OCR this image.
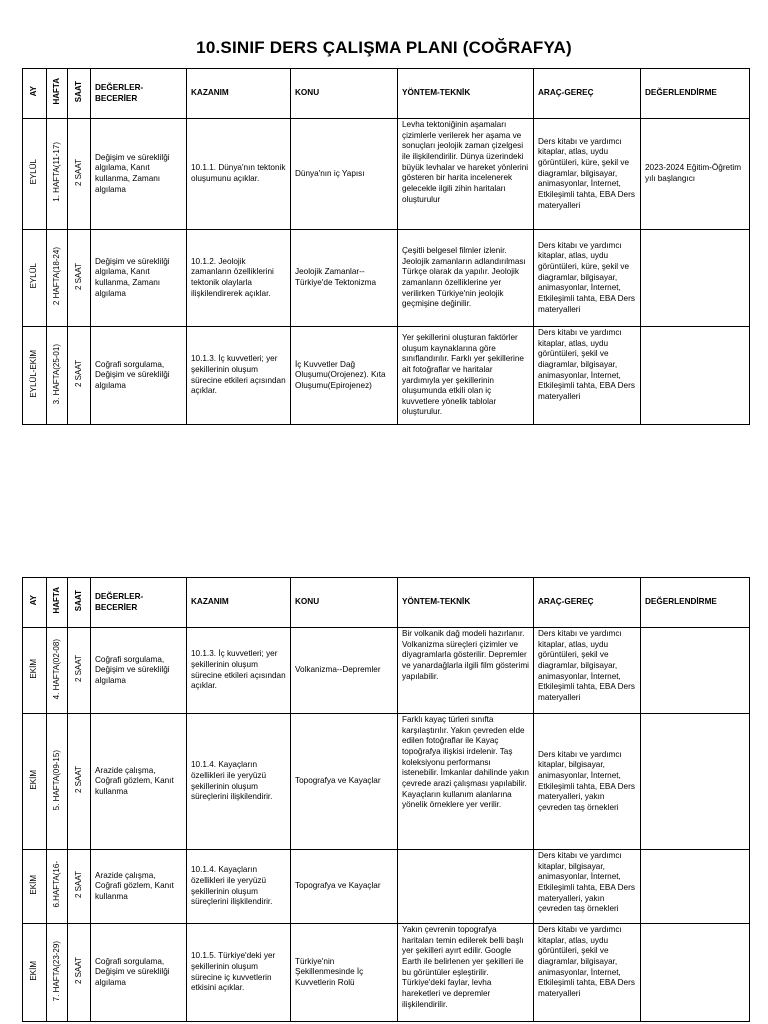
10.SINIF DERS ÇALIŞMA PLANI (COĞRAFYA)
AY	HAFTA	SAAT	DEĞERLER-BECERİER	KAZANIM	KONU	YÖNTEM-TEKNİK	ARAÇ-GEREÇ	DEĞERLENDİRME
EYLÜL	1. HAFTA(11-17)	2 SAAT	Değişim ve süreklilği algılama, Kanıt kullanma, Zamanı algılama	10.1.1. Dünya'nın tektonik oluşumunu açıklar.	Dünya'nın iç Yapısı	Levha tektoniğinin aşamaları çizimlerle verilerek her aşama ve sonuçları jeolojik zaman çizelgesi ile ilişkilendirilir. Dünya üzerindeki büyük levhalar ve hareket yönlerini gösteren bir harita incelenerek gelecekle ilgili zihin haritaları oluşturulur	Ders kitabı ve yardımcı kitaplar, atlas, uydu görüntüleri, küre, şekil ve diagramlar, bilgisayar, animasyonlar, İnternet, Etkileşimli tahta, EBA Ders materyalleri	2023-2024 Eğitim-Öğretim yılı başlangıcı
EYLÜL	2 HAFTA(18-24)	2 SAAT	Değişim ve süreklilği algılama, Kanıt kullanma, Zamanı algılama	10.1.2. Jeolojik zamanların özelliklerini tektonik olaylarla ilişkilendirerek açıklar.	Jeolojik Zamanlar--Türkiye'de Tektonizma	Çeşitli belgesel filmler izlenir. Jeolojik zamanların adlandırılması Türkçe olarak da yapılır. Jeolojik zamanların özelliklerine yer verilirken Türkiye'nin jeolojik geçmişine değinilir.	Ders kitabı ve yardımcı kitaplar, atlas, uydu görüntüleri, küre, şekil ve diagramlar, bilgisayar, animasyonlar, İnternet, Etkileşimli tahta, EBA Ders materyalleri	
EYLÜL-EKİM	3. HAFTA(25-01)	2 SAAT	Coğrafi sorgulama, Değişim ve süreklilği algılama	10.1.3. İç kuvvetleri; yer şekillerinin oluşum sürecine etkileri açısından açıklar.	İç Kuvvetler Dağ Oluşumu(Orojenez). Kıta Oluşumu(Epirojenez)	Yer şekillerini oluşturan faktörler oluşum kaynaklarına göre sınıflandırılır. Farklı yer şekillerine ait fotoğraflar ve haritalar yardımıyla yer şekillerinin oluşumunda etkili olan iç kuvvetlere yönelik tablolar oluşturulur.	Ders kitabı ve yardımcı kitaplar, atlas, uydu görüntüleri, şekil ve diagramlar, bilgisayar, animasyonlar, İnternet, Etkileşimli tahta, EBA Ders materyalleri	
AY	HAFTA	SAAT	DEĞERLER-BECERİER	KAZANIM	KONU	YÖNTEM-TEKNİK	ARAÇ-GEREÇ	DEĞERLENDİRME
EKİM	4. HAFTA(02-08)	2 SAAT	Coğrafi sorgulama, Değişim ve süreklilği algılama	10.1.3. İç kuvvetleri; yer şekillerinin oluşum sürecine etkileri açısından açıklar.	Volkanizma--Depremler	Bir volkanik dağ modeli hazırlanır. Volkanizma süreçleri çizimler ve diyagramlarla gösterilir. Depremler ve yanardağlarla ilgili film gösterimi yapılabilir.	Ders kitabı ve yardımcı kitaplar, atlas, uydu görüntüleri, şekil ve diagramlar, bilgisayar, animasyonlar, İnternet, Etkileşimli tahta, EBA Ders materyalleri	
EKİM	5. HAFTA(09-15)	2 SAAT	Arazide çalışma, Coğrafi gözlem, Kanıt kullanma	10.1.4. Kayaçların özellikleri ile yeryüzü şekillerinin oluşum süreçlerini ilişkilendirir.	Topografya ve Kayaçlar	Farklı kayaç türleri sınıfta karşılaştırılır. Yakın çevreden elde edilen fotoğraflar ile Kayaç topoğrafya ilişkisi irdelenir. Taş koleksiyonu performansı istenebilir. İmkanlar dahilinde yakın çevrede arazi çalışması yapılabilir. Kayaçların kullanım alanlarına yönelik örneklere yer verilir.	Ders kitabı ve yardımcı kitaplar, bilgisayar, animasyonlar, İnternet, Etkileşimli tahta, EBA Ders materyalleri, yakın çevreden taş örnekleri	
EKİM	6.HAFTA(16-	2 SAAT	Arazide çalışma, Coğrafi gözlem, Kanıt kullanma	10.1.4. Kayaçların özellikleri ile yeryüzü şekillerinin oluşum süreçlerini ilişkilendirir.	Topografya ve Kayaçlar		Ders kitabı ve yardımcı kitaplar, bilgisayar, animasyonlar, İnternet, Etkileşimli tahta, EBA Ders materyalleri, yakın çevreden taş örnekleri	
EKİM	7. HAFTA(23-29)	2 SAAT	Coğrafi sorgulama, Değişim ve süreklilği algılama	10.1.5. Türkiye'deki yer şekillerinin oluşum sürecine iç kuvvetlerin etkisini açıklar.	Türkiye'nin Şekillenmesinde İç Kuvvetlerin Rolü	Yakın çevrenin topografya haritaları temin edilerek belli başlı yer şekilleri ayırt edilir. Google Earth ile belirlenen yer şekilleri ile bu görüntüler eşleştirilir. Türkiye'deki faylar, levha hareketleri ve depremler ilişkilendirilir.	Ders kitabı ve yardımcı kitaplar, atlas, uydu görüntüleri, şekil ve diagramlar, bilgisayar, animasyonlar, İnternet, Etkileşimli tahta, EBA Ders materyalleri	
